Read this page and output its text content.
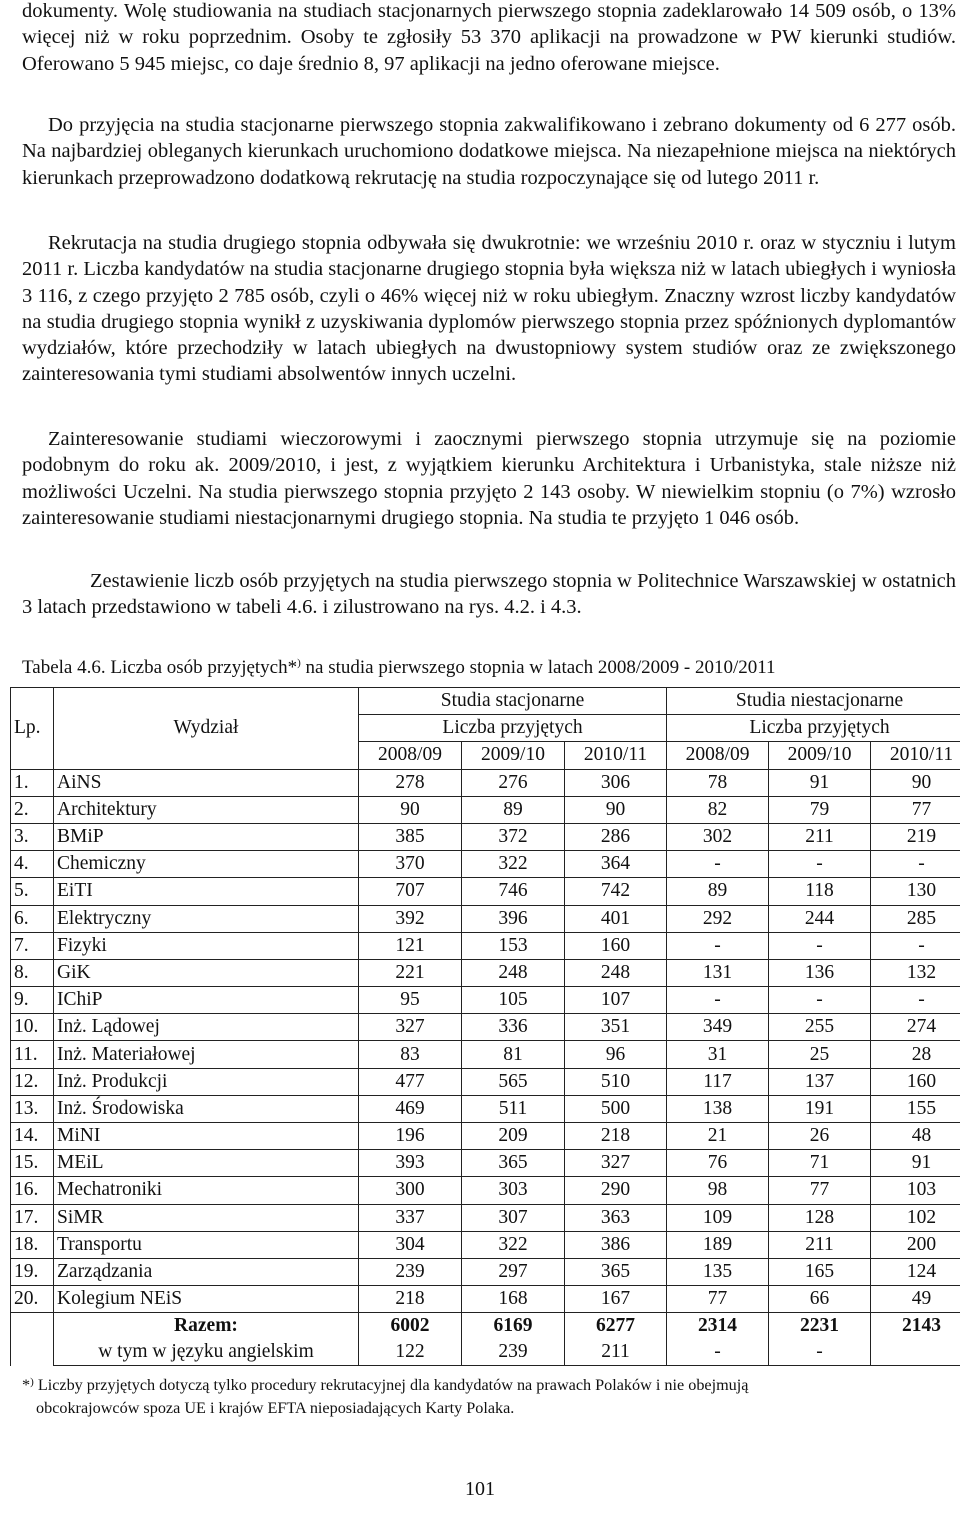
dokumenty. Wolę studiowania na studiach stacjonarnych pierwszego stopnia zadeklarowało 14 509 osób, o 13% więcej niż w roku poprzednim. Osoby te zgłosiły 53 370 aplikacji na prowadzone w PW kierunki studiów. Oferowano 5 945 miejsc, co daje średnio 8, 97 aplikacji na jedno oferowane miejsce.

Do przyjęcia na studia stacjonarne pierwszego stopnia zakwalifikowano i zebrano dokumenty od 6 277 osób. Na najbardziej obleganych kierunkach uruchomiono dodatkowe miejsca. Na niezapełnione miejsca na niektórych kierunkach przeprowadzono dodatkową rekrutację na studia rozpoczynające się od lutego 2011 r.

Rekrutacja na studia drugiego stopnia odbywała się dwukrotnie: we wrześniu 2010 r. oraz w styczniu i lutym 2011 r. Liczba kandydatów na studia stacjonarne drugiego stopnia była większa niż w latach ubiegłych i wyniosła 3 116, z czego przyjęto 2 785 osób, czyli o 46% więcej niż w roku ubiegłym. Znaczny wzrost liczby kandydatów na studia drugiego stopnia wynikł z uzyskiwania dyplomów pierwszego stopnia przez spóźnionych dyplomantów wydziałów, które przechodziły w latach ubiegłych na dwustopniowy system studiów oraz ze zwiększonego zainteresowania tymi studiami absolwentów innych uczelni.

Zainteresowanie studiami wieczorowymi i zaocznymi pierwszego stopnia utrzymuje się na poziomie podobnym do roku ak. 2009/2010, i jest, z wyjątkiem kierunku Architektura i Urbanistyka, stale niższe niż możliwości Uczelni. Na studia pierwszego stopnia przyjęto 2 143 osoby. W niewielkim stopniu (o 7%) wzrosło zainteresowanie studiami niestacjonarnymi drugiego stopnia. Na studia te przyjęto 1 046 osób.

Zestawienie liczb osób przyjętych na studia pierwszego stopnia w Politechnice Warszawskiej w ostatnich 3 latach przedstawiono w tabeli 4.6. i zilustrowano na rys. 4.2. i 4.3.

Tabela 4.6. Liczba osób przyjętych*) na studia pierwszego stopnia w latach 2008/2009 - 2010/2011
Lp.	Wydział	Studia stacjonarne			Studia niestacjonarne		
		Liczba przyjętych			Liczba przyjętych		
		2008/09	2009/10	2010/11	2008/09	2009/10	2010/11
1.	AiNS	278	276	306	78	91	90
2.	Architektury	90	89	90	82	79	77
3.	BMiP	385	372	286	302	211	219
4.	Chemiczny	370	322	364	-	-	-
5.	EiTI	707	746	742	89	118	130
6.	Elektryczny	392	396	401	292	244	285
7.	Fizyki	121	153	160	-	-	-
8.	GiK	221	248	248	131	136	132
9.	IChiP	95	105	107	-	-	-
10.	Inż. Lądowej	327	336	351	349	255	274
11.	Inż. Materiałowej	83	81	96	31	25	28
12.	Inż. Produkcji	477	565	510	117	137	160
13.	Inż. Środowiska	469	511	500	138	191	155
14.	MiNI	196	209	218	21	26	48
15.	MEiL	393	365	327	76	71	91
16.	Mechatroniki	300	303	290	98	77	103
17.	SiMR	337	307	363	109	128	102
18.	Transportu	304	322	386	189	211	200
19.	Zarządzania	239	297	365	135	165	124
20.	Kolegium NEiS	218	168	167	77	66	49
	Razem:	6002	6169	6277	2314	2231	2143
	w tym w języku angielskim	122	239	211	-	-	
*) Liczby przyjętych dotyczą tylko procedury rekrutacyjnej dla kandydatów na prawach Polaków i nie obejmują
obcokrajowców spoza UE i krajów EFTA nieposiadających Karty Polaka.
101
